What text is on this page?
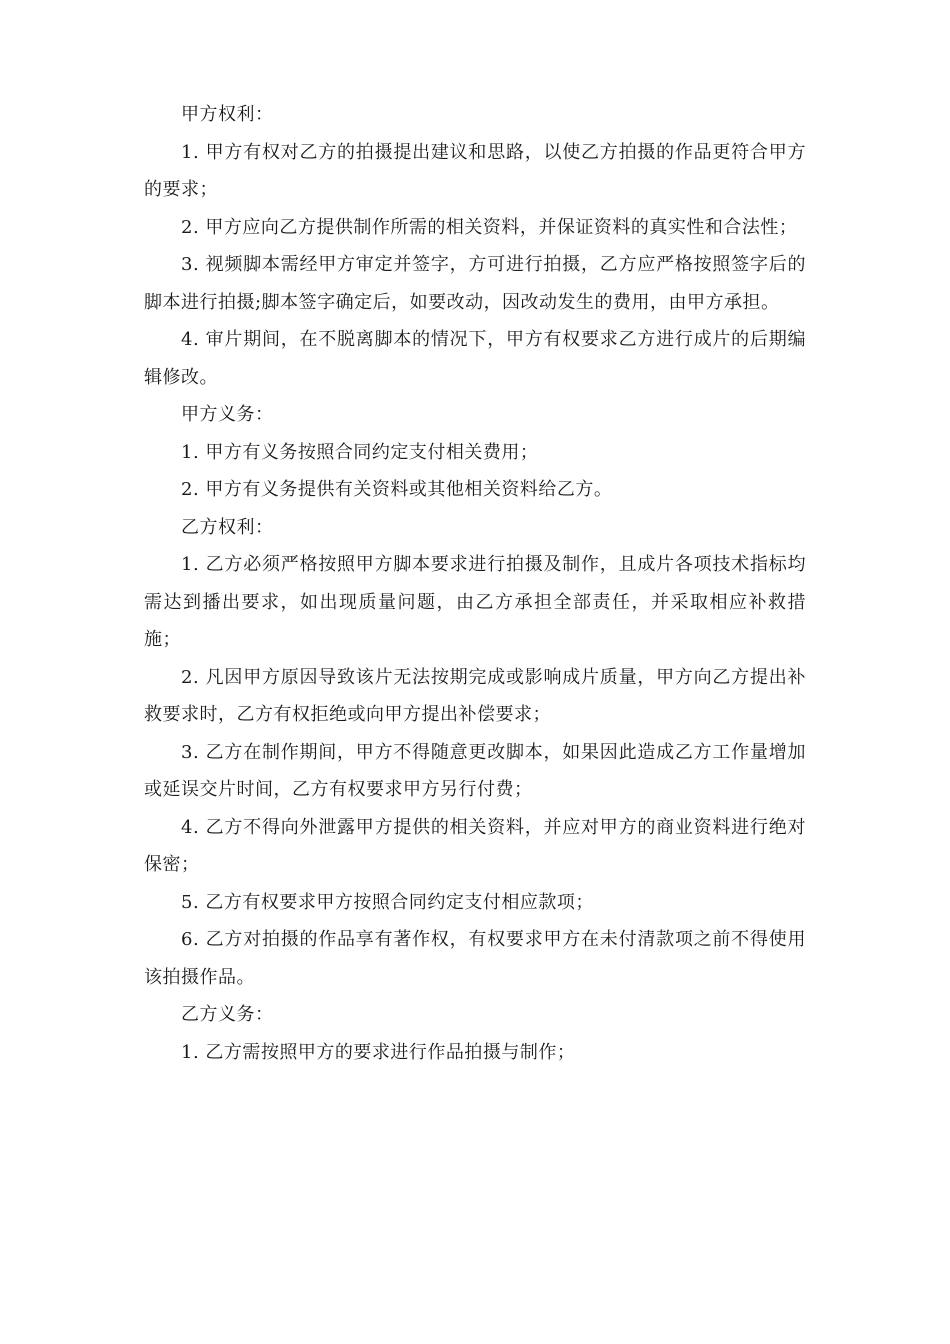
甲方权利：

1. 甲方有权对乙方的拍摄提出建议和思路，以使乙方拍摄的作品更符合甲方的要求；

2. 甲方应向乙方提供制作所需的相关资料，并保证资料的真实性和合法性；

3. 视频脚本需经甲方审定并签字，方可进行拍摄，乙方应严格按照签字后的脚本进行拍摄;脚本签字确定后，如要改动，因改动发生的费用，由甲方承担。

4. 审片期间，在不脱离脚本的情况下，甲方有权要求乙方进行成片的后期编辑修改。

甲方义务：

1. 甲方有义务按照合同约定支付相关费用；

2. 甲方有义务提供有关资料或其他相关资料给乙方。

乙方权利：

1. 乙方必须严格按照甲方脚本要求进行拍摄及制作，且成片各项技术指标均需达到播出要求，如出现质量问题，由乙方承担全部责任，并采取相应补救措施；

2. 凡因甲方原因导致该片无法按期完成或影响成片质量，甲方向乙方提出补救要求时，乙方有权拒绝或向甲方提出补偿要求；

3. 乙方在制作期间，甲方不得随意更改脚本，如果因此造成乙方工作量增加 或延误交片时间，乙方有权要求甲方另行付费；

4. 乙方不得向外泄露甲方提供的相关资料，并应对甲方的商业资料进行绝对保密；

5. 乙方有权要求甲方按照合同约定支付相应款项；

6. 乙方对拍摄的作品享有著作权，有权要求甲方在未付清款项之前不得使用该拍摄作品。

乙方义务：

1. 乙方需按照甲方的要求进行作品拍摄与制作；
